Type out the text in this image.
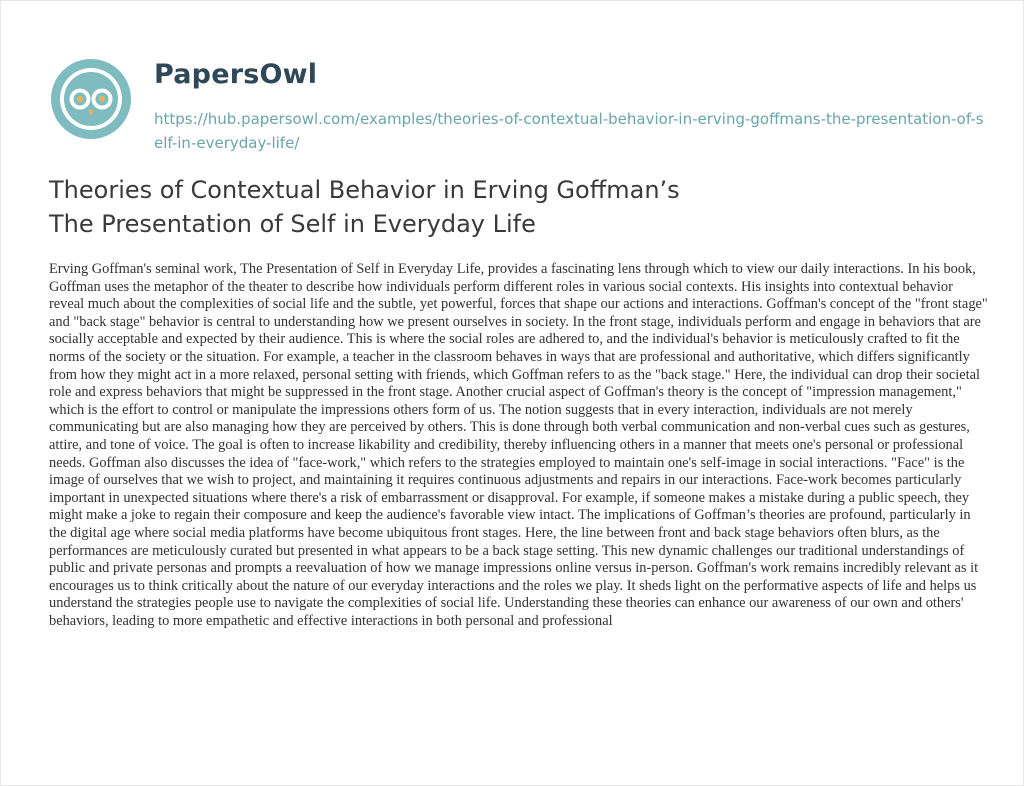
PapersOwl
https://hub.papersowl.com/examples/theories-of-contextual-behavior-in-erving-goffmans-the-presentation-of-self-in-everyday-life/
Theories of Contextual Behavior in Erving Goffman’s
The Presentation of Self in Everyday Life

Erving Goffman's seminal work, The Presentation of Self in Everyday Life, provides a fascinating lens through which to view our daily interactions. In his book, Goffman uses the metaphor of the theater to describe how individuals perform different roles in various social contexts. His insights into contextual behavior reveal much about the complexities of social life and the subtle, yet powerful, forces that shape our actions and interactions. Goffman's concept of the "front stage" and "back stage" behavior is central to understanding how we present ourselves in society. In the front stage, individuals perform and engage in behaviors that are socially acceptable and expected by their audience. This is where the social roles are adhered to, and the individual's behavior is meticulously crafted to fit the norms of the society or the situation. For example, a teacher in the classroom behaves in ways that are professional and authoritative, which differs significantly from how they might act in a more relaxed, personal setting with friends, which Goffman refers to as the "back stage." Here, the individual can drop their societal role and express behaviors that might be suppressed in the front stage. Another crucial aspect of Goffman's theory is the concept of "impression management," which is the effort to control or manipulate the impressions others form of us. The notion suggests that in every interaction, individuals are not merely communicating but are also managing how they are perceived by others. This is done through both verbal communication and non-verbal cues such as gestures, attire, and tone of voice. The goal is often to increase likability and credibility, thereby influencing others in a manner that meets one's personal or professional needs. Goffman also discusses the idea of "face-work," which refers to the strategies employed to maintain one's self-image in social interactions. "Face" is the image of ourselves that we wish to project, and maintaining it requires continuous adjustments and repairs in our interactions. Face-work becomes particularly important in unexpected situations where there's a risk of embarrassment or disapproval. For example, if someone makes a mistake during a public speech, they might make a joke to regain their composure and keep the audience's favorable view intact. The implications of Goffman’s theories are profound, particularly in the digital age where social media platforms have become ubiquitous front stages. Here, the line between front and back stage behaviors often blurs, as the performances are meticulously curated but presented in what appears to be a back stage setting. This new dynamic challenges our traditional understandings of public and private personas and prompts a reevaluation of how we manage impressions online versus in-person. Goffman's work remains incredibly relevant as it encourages us to think critically about the nature of our everyday interactions and the roles we play. It sheds light on the performative aspects of life and helps us understand the strategies people use to navigate the complexities of social life. Understanding these theories can enhance our awareness of our own and others' behaviors, leading to more empathetic and effective interactions in both personal and professional
